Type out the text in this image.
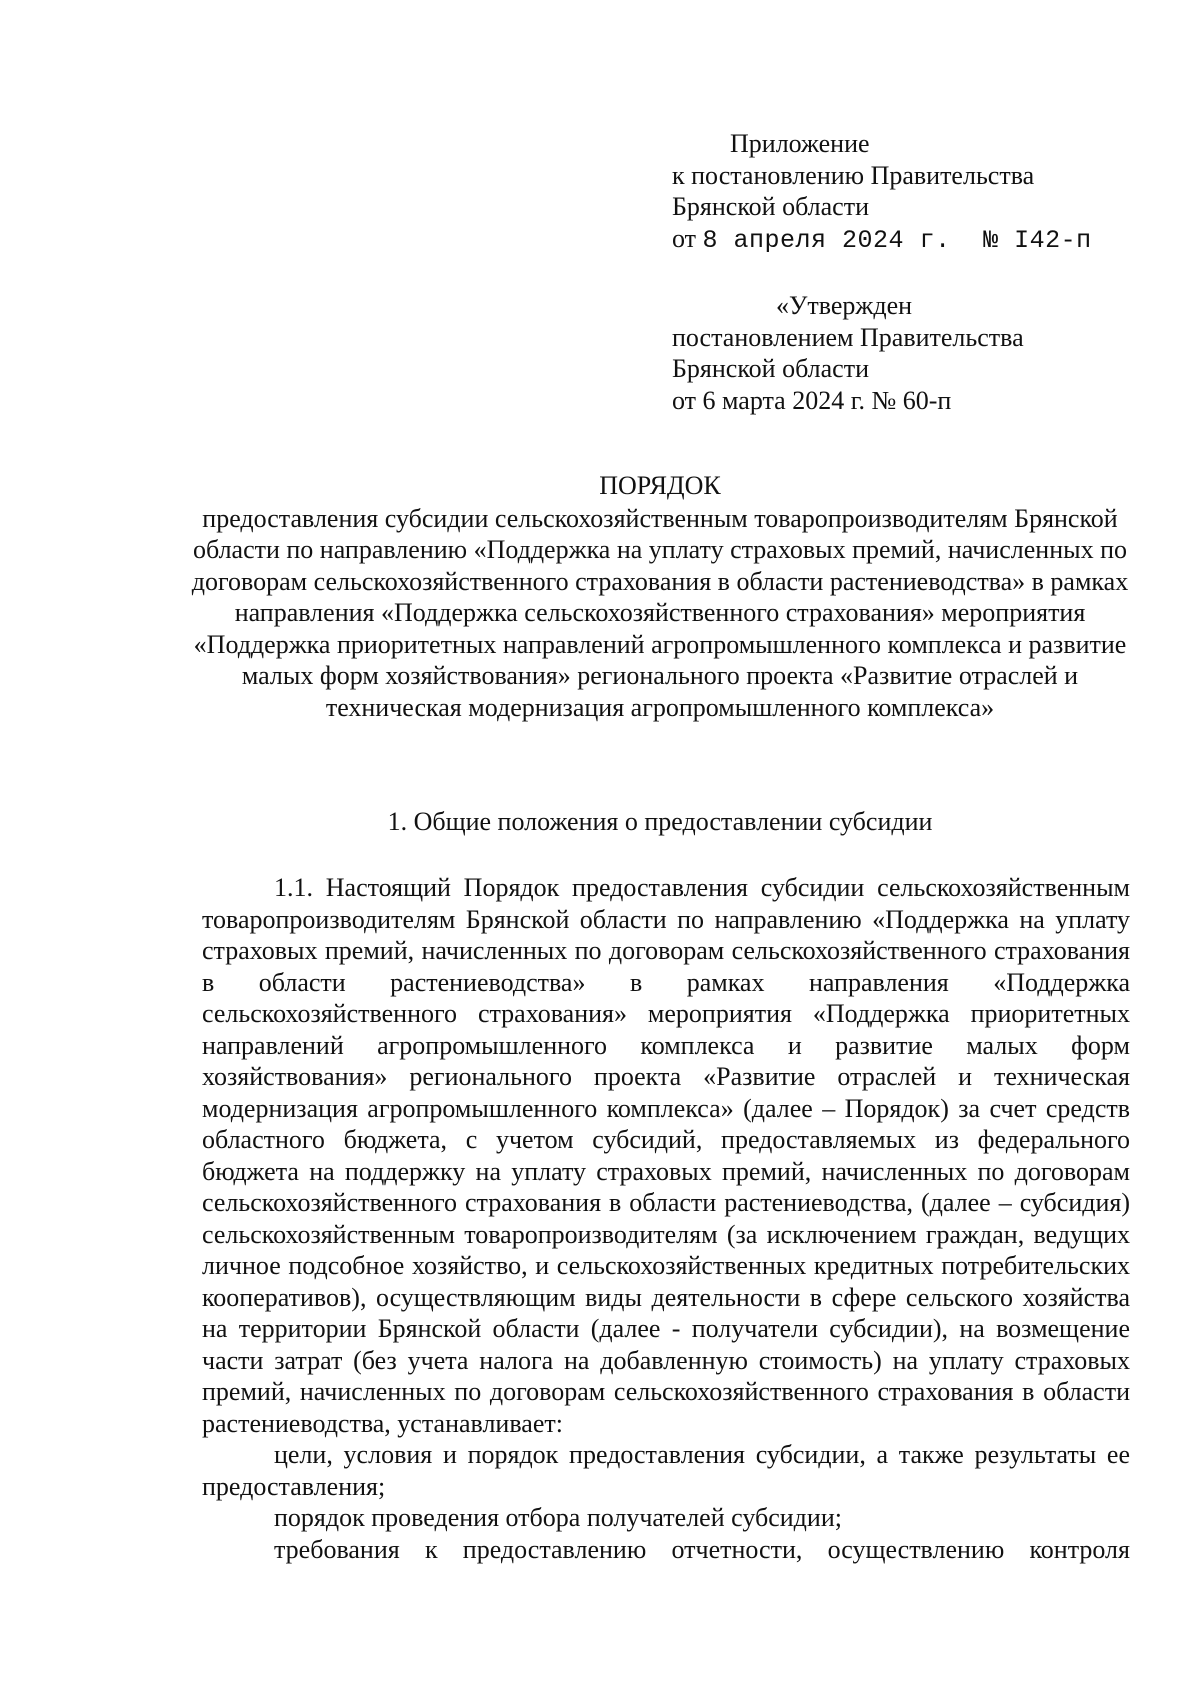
Приложение
к постановлению Правительства
Брянской области
от 8 апреля 2024 г. № I42-п
«Утвержден
постановлением Правительства
Брянской области
от 6 марта 2024 г. № 60-п
ПОРЯДОК
предоставления субсидии сельскохозяйственным товаропроизводителям Брянской области по направлению «Поддержка на уплату страховых премий, начисленных по договорам сельскохозяйственного страхования в области растениеводства» в рамках направления «Поддержка сельскохозяйственного страхования» мероприятия «Поддержка приоритетных направлений агропромышленного комплекса и развитие малых форм хозяйствования» регионального проекта «Развитие отраслей и техническая модернизация агропромышленного комплекса»
1. Общие положения о предоставлении субсидии
1.1. Настоящий Порядок предоставления субсидии сельскохозяйственным товаропроизводителям Брянской области по направлению «Поддержка на уплату страховых премий, начисленных по договорам сельскохозяйственного страхования в области растениеводства» в рамках направления «Поддержка сельскохозяйственного страхования» мероприятия «Поддержка приоритетных направлений агропромышленного комплекса и развитие малых форм хозяйствования» регионального проекта «Развитие отраслей и техническая модернизация агропромышленного комплекса» (далее – Порядок) за счет средств областного бюджета, с учетом субсидий, предоставляемых из федерального бюджета на поддержку на уплату страховых премий, начисленных по договорам сельскохозяйственного страхования в области растениеводства, (далее – субсидия) сельскохозяйственным товаропроизводителям (за исключением граждан, ведущих личное подсобное хозяйство, и сельскохозяйственных кредитных потребительских кооперативов), осуществляющим виды деятельности в сфере сельского хозяйства на территории Брянской области (далее - получатели субсидии), на возмещение части затрат (без учета налога на добавленную стоимость) на уплату страховых премий, начисленных по договорам сельскохозяйственного страхования в области растениеводства, устанавливает:
цели, условия и порядок предоставления субсидии, а также результаты ее предоставления;
порядок проведения отбора получателей субсидии;
требования к предоставлению отчетности, осуществлению контроля
